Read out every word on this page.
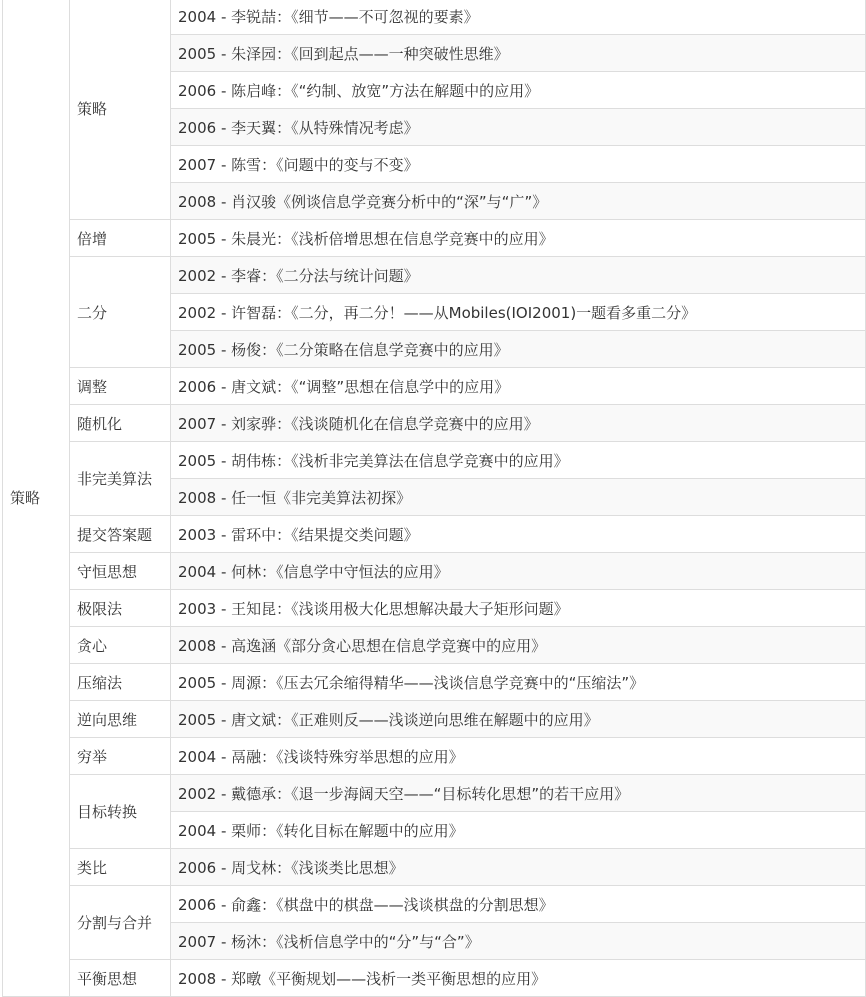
策略	策略	2004 - 李锐喆：《细节——不可忽视的要素》
		2005 - 朱泽园：《回到起点——一种突破性思维》
		2006 - 陈启峰：《“约制、放宽”方法在解题中的应用》
		2006 - 李天翼：《从特殊情况考虑》
		2007 - 陈雪：《问题中的变与不变》
		2008 - 肖汉骏《例谈信息学竞赛分析中的“深”与“广”》
	倍增	2005 - 朱晨光：《浅析倍增思想在信息学竞赛中的应用》
	二分	2002 - 李睿：《二分法与统计问题》
		2002 - 许智磊：《二分，再二分！——从Mobiles(IOI2001)一题看多重二分》
		2005 - 杨俊：《二分策略在信息学竞赛中的应用》
	调整	2006 - 唐文斌：《“调整”思想在信息学中的应用》
	随机化	2007 - 刘家骅：《浅谈随机化在信息学竞赛中的应用》
	非完美算法	2005 - 胡伟栋：《浅析非完美算法在信息学竞赛中的应用》
		2008 - 任一恒《非完美算法初探》
	提交答案题	2003 - 雷环中：《结果提交类问题》
	守恒思想	2004 - 何林：《信息学中守恒法的应用》
	极限法	2003 - 王知昆：《浅谈用极大化思想解决最大子矩形问题》
	贪心	2008 - 高逸涵《部分贪心思想在信息学竞赛中的应用》
	压缩法	2005 - 周源：《压去冗余缩得精华——浅谈信息学竞赛中的“压缩法”》
	逆向思维	2005 - 唐文斌：《正难则反——浅谈逆向思维在解题中的应用》
	穷举	2004 - 鬲融：《浅谈特殊穷举思想的应用》
	目标转换	2002 - 戴德承：《退一步海阔天空——“目标转化思想”的若干应用》
		2004 - 栗师：《转化目标在解题中的应用》
	类比	2006 - 周戈林：《浅谈类比思想》
	分割与合并	2006 - 俞鑫：《棋盘中的棋盘——浅谈棋盘的分割思想》
		2007 - 杨沐：《浅析信息学中的“分”与“合”》
	平衡思想	2008 - 郑暾《平衡规划——浅析一类平衡思想的应用》
